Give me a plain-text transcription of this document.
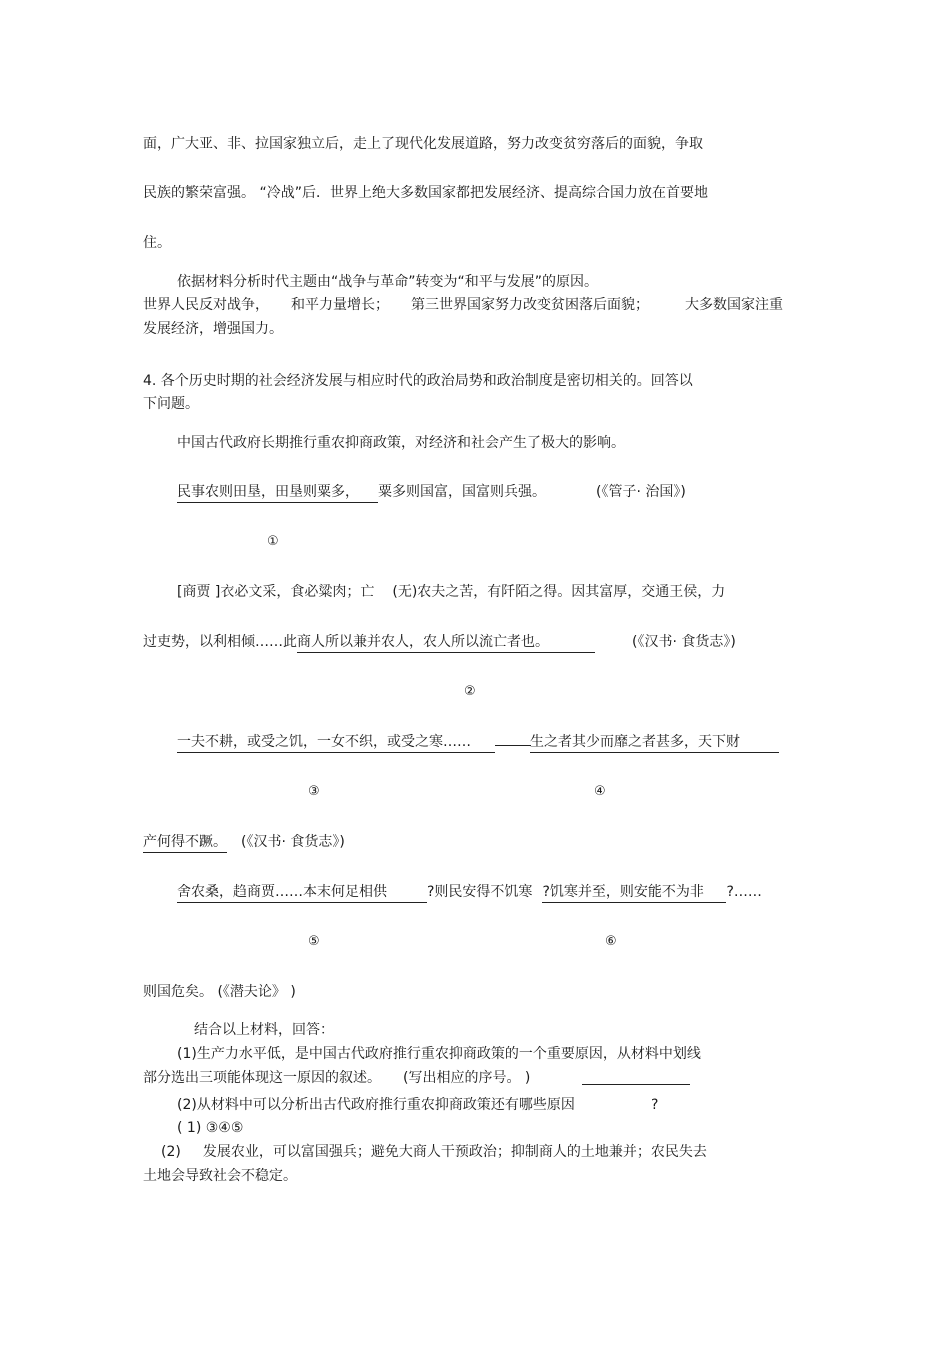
面，广大亚、非、拉国家独立后，走上了现代化发展道路，努力改变贫穷落后的面貌，争取
民族的繁荣富强。 “冷战”后．世界上绝大多数国家都把发展经济、提高综合国力放在首要地
住。
依据材料分析时代主题由“战争与革命”转变为“和平与发展”的原因。
世界人民反对战争， 和平力量增长； 第三世界国家努力改变贫困落后面貌；	大多数国家注重
发展经济，增强国力。
4. 各个历史时期的社会经济发展与相应时代的政治局势和政治制度是密切相关的。回答以
下问题。
中国古代政府长期推行重农抑商政策，对经济和社会产生了极大的影响。
民事农则田垦，田垦则粟多， 粟多则国富，国富则兵强。	(《管子· 治国》)
①
[商贾 ]衣必文采，食必粱肉；亡 (无)农夫之苦，有阡陌之得。因其富厚，交通王侯，力
过吏势，以利相倾……此商人所以兼并农人，农人所以流亡者也。	(《汉书· 食货志》)
②
一夫不耕，或受之饥，一女不织，或受之寒……	生之者其少而靡之者甚多，天下财
③	④
产何得不蹶。 (《汉书· 食货志》)
舍农桑，趋商贾……本末何足相供	?则民安得不饥寒 ?饥寒并至，则安能不为非 ?……
⑤	⑥
则国危矣。 (《潜夫论》 )
结合以上材料，回答：
(1)生产力水平低，是中国古代政府推行重农抑商政策的一个重要原因，从材料中划线
部分选出三项能体现这一原因的叙述。 (写出相应的序号。 )
(2)从材料中可以分析出古代政府推行重农抑商政策还有哪些原因	?
( 1) ③④⑤
(2) 发展农业，可以富国强兵；避免大商人干预政治；抑制商人的土地兼并；农民失去
土地会导致社会不稳定。
